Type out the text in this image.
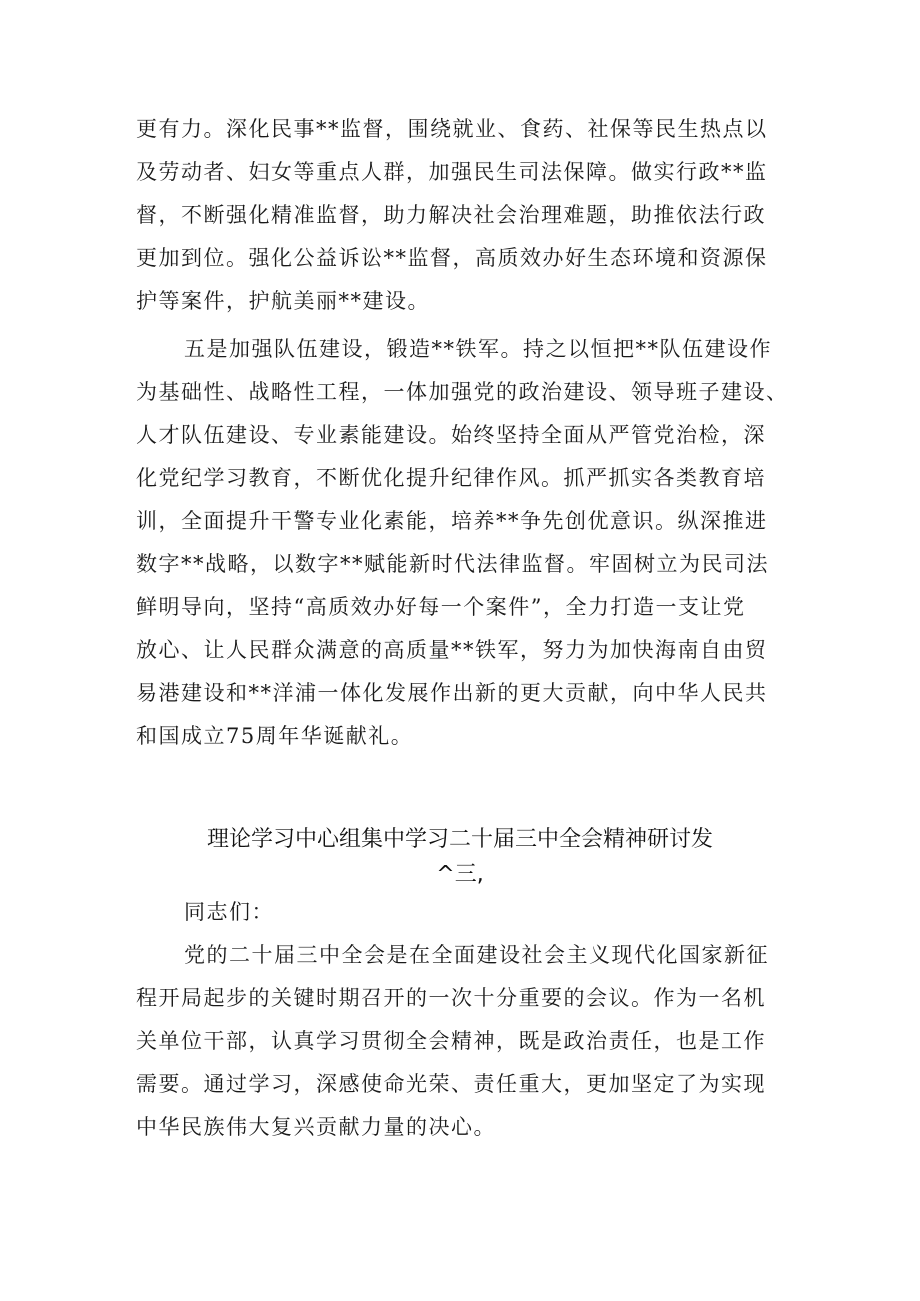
更有力。深化民事**监督，围绕就业、食药、社保等民生热点以
及劳动者、妇女等重点人群，加强民生司法保障。做实行政**监
督，不断强化精准监督，助力解决社会治理难题，助推依法行政
更加到位。强化公益诉讼**监督，高质效办好生态环境和资源保
护等案件，护航美丽**建设。
五是加强队伍建设，锻造**铁军。持之以恒把**队伍建设作
为基础性、战略性工程，一体加强党的政治建设、领导班子建设、
人才队伍建设、专业素能建设。始终坚持全面从严管党治检，深
化党纪学习教育，不断优化提升纪律作风。抓严抓实各类教育培
训，全面提升干警专业化素能，培养**争先创优意识。纵深推进
数字**战略，以数字**赋能新时代法律监督。牢固树立为民司法
鲜明导向，坚持“高质效办好每一个案件”，全力打造一支让党
放心、让人民群众满意的高质量**铁军，努力为加快海南自由贸
易港建设和**洋浦一体化发展作出新的更大贡献，向中华人民共
和国成立75周年华诞献礼。
理论学习中心组集中学习二十届三中全会精神研讨发
^三,
同志们：
党的二十届三中全会是在全面建设社会主义现代化国家新征
程开局起步的关键时期召开的一次十分重要的会议。作为一名机
关单位干部，认真学习贯彻全会精神，既是政治责任，也是工作
需要。通过学习，深感使命光荣、责任重大，更加坚定了为实现
中华民族伟大复兴贡献力量的决心。
